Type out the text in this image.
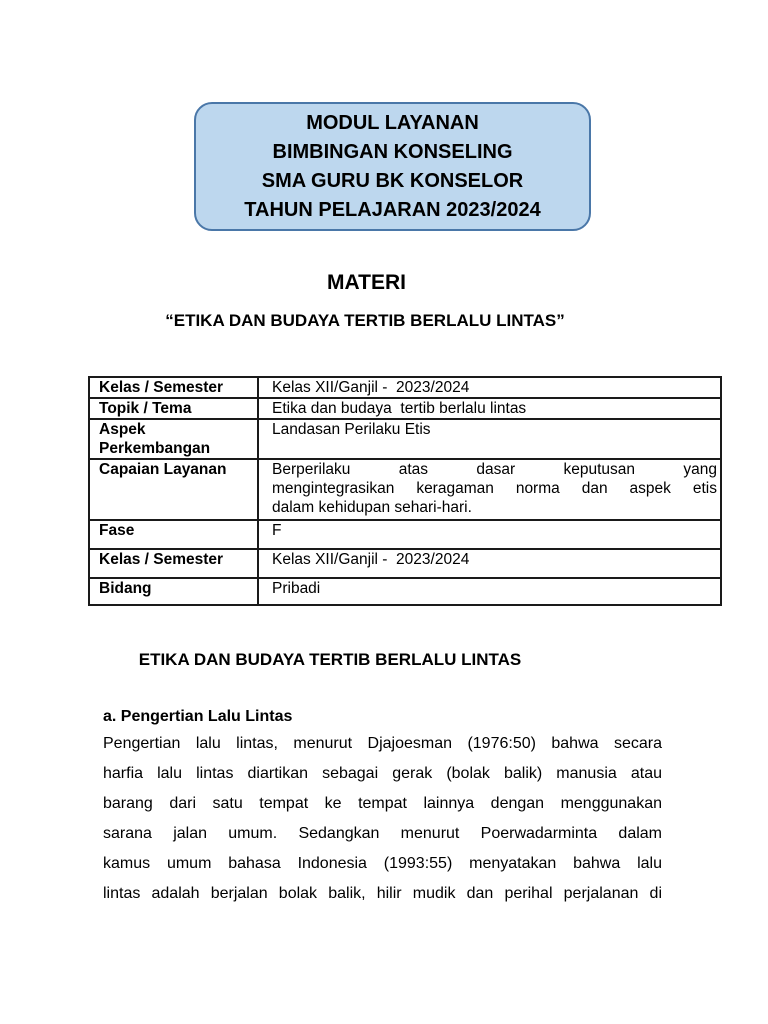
MODUL LAYANAN
BIMBINGAN KONSELING
SMA GURU BK KONSELOR
TAHUN PELAJARAN 2023/2024
MATERI
“ETIKA DAN BUDAYA TERTIB BERLALU LINTAS”
Kelas / Semester	Kelas XII/Ganjil -  2023/2024
Topik / Tema	Etika dan budaya  tertib berlalu lintas

Aspek
Perkembangan	Landasan Perilaku Etis
Capaian Layanan	Berperilaku atas dasar keputusan yang
mengintegrasikan keragaman norma dan aspek etis
dalam kehidupan sehari-hari.

Fase	F
Kelas / Semester	Kelas XII/Ganjil -  2023/2024
Bidang	Pribadi
ETIKA DAN BUDAYA TERTIB BERLALU LINTAS
a. Pengertian Lalu Lintas
Pengertian lalu lintas, menurut Djajoesman (1976:50) bahwa secara
harfia lalu lintas diartikan sebagai gerak (bolak balik) manusia atau
barang dari satu tempat ke tempat lainnya dengan menggunakan
sarana jalan umum. Sedangkan menurut Poerwadarminta dalam
kamus umum bahasa Indonesia (1993:55) menyatakan bahwa lalu
lintas adalah berjalan bolak balik, hilir mudik dan perihal perjalanan di
